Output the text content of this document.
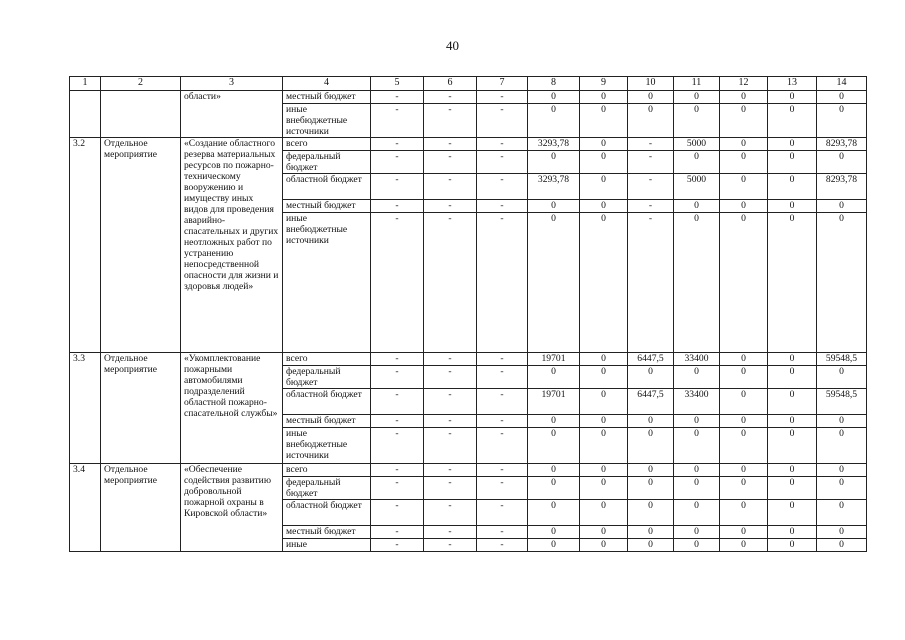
40
1	2	3	4	5	6	7	8	9	10	11	12	13	14
		области»	местный бюджет	-	-	-	0	0	0	0	0	0	0
			иные внебюджетные источники	-	-	-	0	0	0	0	0	0	0
3.2	Отдельное мероприятие	«Создание областного резерва материальных ресурсов по пожарно-техническому вооружению и имуществу иных видов для проведения аварийно-спасательных и других неотложных работ по устранению непосредственной опасности для жизни и здоровья людей»	всего	-	-	-	3293,78	0	-	5000	0	0	8293,78
			федеральный бюджет	-	-	-	0	0	-	0	0	0	0
			областной бюджет	-	-	-	3293,78	0	-	5000	0	0	8293,78
			местный бюджет	-	-	-	0	0	-	0	0	0	0
			иные внебюджетные источники	-	-	-	0	0	-	0	0	0	0
3.3	Отдельное мероприятие	«Укомплектование пожарными автомобилями подразделений областной пожарно-спасательной службы»	всего	-	-	-	19701	0	6447,5	33400	0	0	59548,5
			федеральный бюджет	-	-	-	0	0	0	0	0	0	0
			областной бюджет	-	-	-	19701	0	6447,5	33400	0	0	59548,5
			местный бюджет	-	-	-	0	0	0	0	0	0	0
			иные внебюджетные источники	-	-	-	0	0	0	0	0	0	0
3.4	Отдельное мероприятие	«Обеспечение содействия развитию добровольной пожарной охраны в Кировской области»	всего	-	-	-	0	0	0	0	0	0	0
			федеральный бюджет	-	-	-	0	0	0	0	0	0	0
			областной бюджет	-	-	-	0	0	0	0	0	0	0
			местный бюджет	-	-	-	0	0	0	0	0	0	0
			иные	-	-	-	0	0	0	0	0	0	0
